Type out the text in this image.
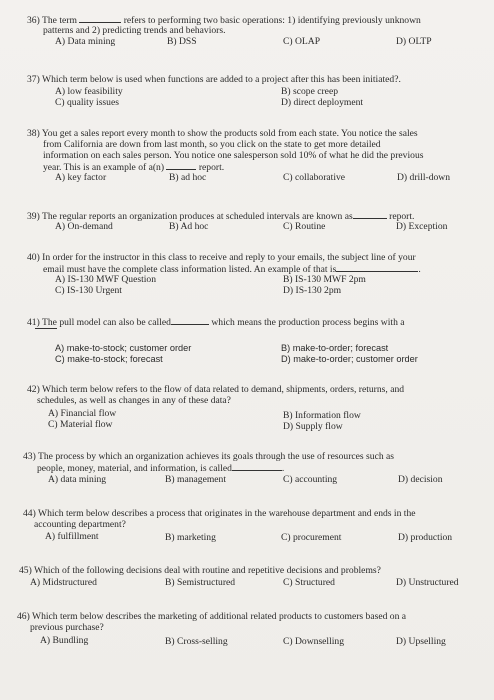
36) The term	refers to performing two basic operations: 1) identifying previously unknown
patterns and 2) predicting trends and behaviors.
A) Data mining	B) DSS	C) OLAP	D) OLTP
37) Which term below is used when functions are added to a project after this has been initiated?.
A) low feasibility	B) scope creep
C) quality issues	D) direct deployment
38) You get a sales report every month to show the products sold from each state. You notice the sales
from California are down from last month, so you click on the state to get more detailed
information on each sales person. You notice one salesperson sold 10% of what he did the previous
year. This is an example of a(n)	report.
A) key factor	B) ad hoc	C) collaborative	D) drill-down
39) The regular reports an organization produces at scheduled intervals are known as	report.
A) On-demand	B) Ad hoc	C) Routine	D) Exception
40) In order for the instructor in this class to receive and reply to your emails, the subject line of your
email must have the complete class information listed. An example of that is	.
A) IS-130 MWF Question	B) IS-130 MWF 2pm
C) IS-130 Urgent	D) IS-130 2pm
41) The pull model can also be called	which means the production process begins with a
A) make-to-stock; customer order	B) make-to-order; forecast
C) make-to-stock; forecast	D) make-to-order; customer order
42) Which term below refers to the flow of data related to demand, shipments, orders, returns, and
schedules, as well as changes in any of these data?
A) Financial flow	B) Information flow
C) Material flow	D) Supply flow
43) The process by which an organization achieves its goals through the use of resources such as
people, money, material, and information, is called	.
A) data mining	B) management	C) accounting	D) decision
44) Which term below describes a process that originates in the warehouse department and ends in the
accounting department?
A) fulfillment	B) marketing	C) procurement	D) production
45) Which of the following decisions deal with routine and repetitive decisions and problems?
A) Midstructured	B) Semistructured	C) Structured	D) Unstructured
46) Which term below describes the marketing of additional related products to customers based on a
previous purchase?
A) Bundling	B) Cross-selling	C) Downselling	D) Upselling
